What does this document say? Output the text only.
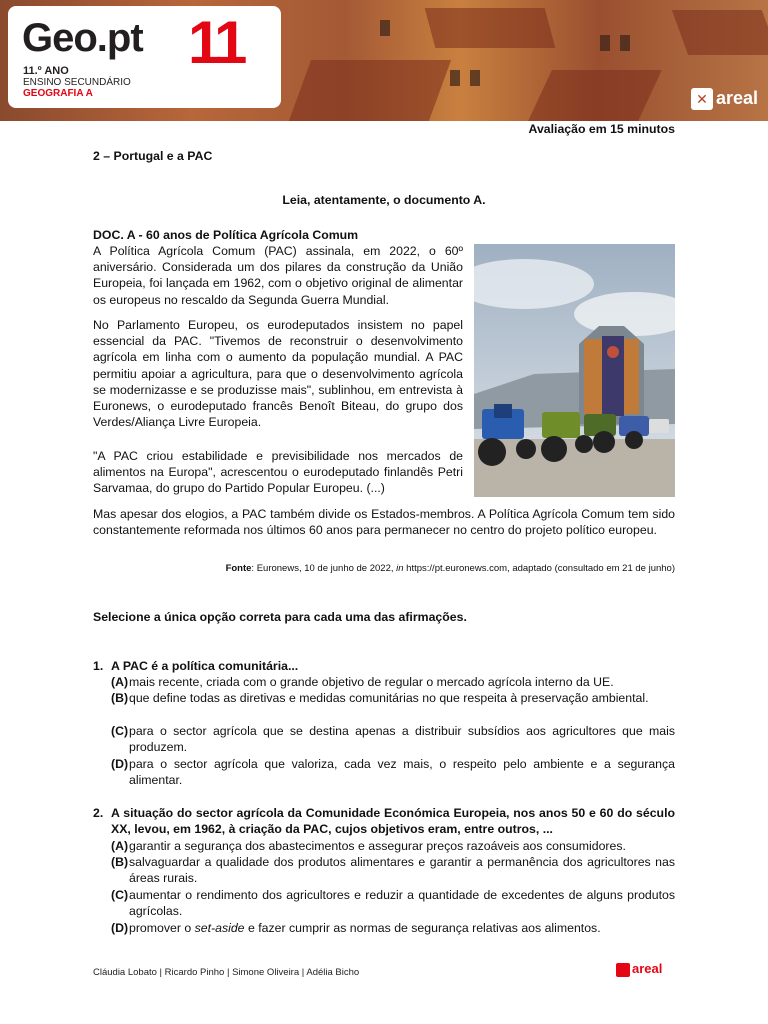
Geo.pt 11
11.º ANO
ENSINO SECUNDÁRIO
GEOGRAFIA A	✕ areal
Avaliação em 15 minutos
2 – Portugal e a PAC
Leia, atentamente, o documento A.
DOC. A - 60 anos de Política Agrícola Comum

A Política Agrícola Comum (PAC) assinala, em 2022, o 60º aniversário. Considerada um dos pilares da construção da União Europeia, foi lançada em 1962, com o objetivo original de alimentar os europeus no rescaldo da Segunda Guerra Mundial.

No Parlamento Europeu, os eurodeputados insistem no papel essencial da PAC. "Tivemos de reconstruir o desenvolvimento agrícola em linha com o aumento da população mundial. A PAC permitiu apoiar a agricultura, para que o desenvolvimento agrícola se modernizasse e se produzisse mais", sublinhou, em entrevista à Euronews, o eurodeputado francês Benoît Biteau, do grupo dos Verdes/Aliança Livre Europeia.

"A PAC criou estabilidade e previsibilidade nos mercados de alimentos na Europa", acrescentou o eurodeputado finlandês Petri Sarvamaa, do grupo do Partido Popular Europeu. (...)

Mas apesar dos elogios, a PAC também divide os Estados-membros. A Política Agrícola Comum tem sido constantemente reformada nos últimos 60 anos para permanecer no centro do projeto político europeu.

Fonte: Euronews, 10 de junho de 2022, in https://pt.euronews.com, adaptado (consultado em 21 de junho)
Selecione a única opção correta para cada uma das afirmações.
1. A PAC é a política comunitária...
(A) mais recente, criada com o grande objetivo de regular o mercado agrícola interno da UE.
(B) que define todas as diretivas e medidas comunitárias no que respeita à preservação ambiental.
(C) para o sector agrícola que se destina apenas a distribuir subsídios aos agricultores que mais produzem.
(D) para o sector agrícola que valoriza, cada vez mais, o respeito pelo ambiente e a segurança alimentar.
2. A situação do sector agrícola da Comunidade Económica Europeia, nos anos 50 e 60 do século XX, levou, em 1962, à criação da PAC, cujos objetivos eram, entre outros, ...
(A) garantir a segurança dos abastecimentos e assegurar preços razoáveis aos consumidores.
(B) salvaguardar a qualidade dos produtos alimentares e garantir a permanência dos agricultores nas áreas rurais.
(C) aumentar o rendimento dos agricultores e reduzir a quantidade de excedentes de alguns produtos agrícolas.
(D) promover o set-aside e fazer cumprir as normas de segurança relativas aos alimentos.
Cláudia Lobato | Ricardo Pinho | Simone Oliveira | Adélia Bicho	areal
